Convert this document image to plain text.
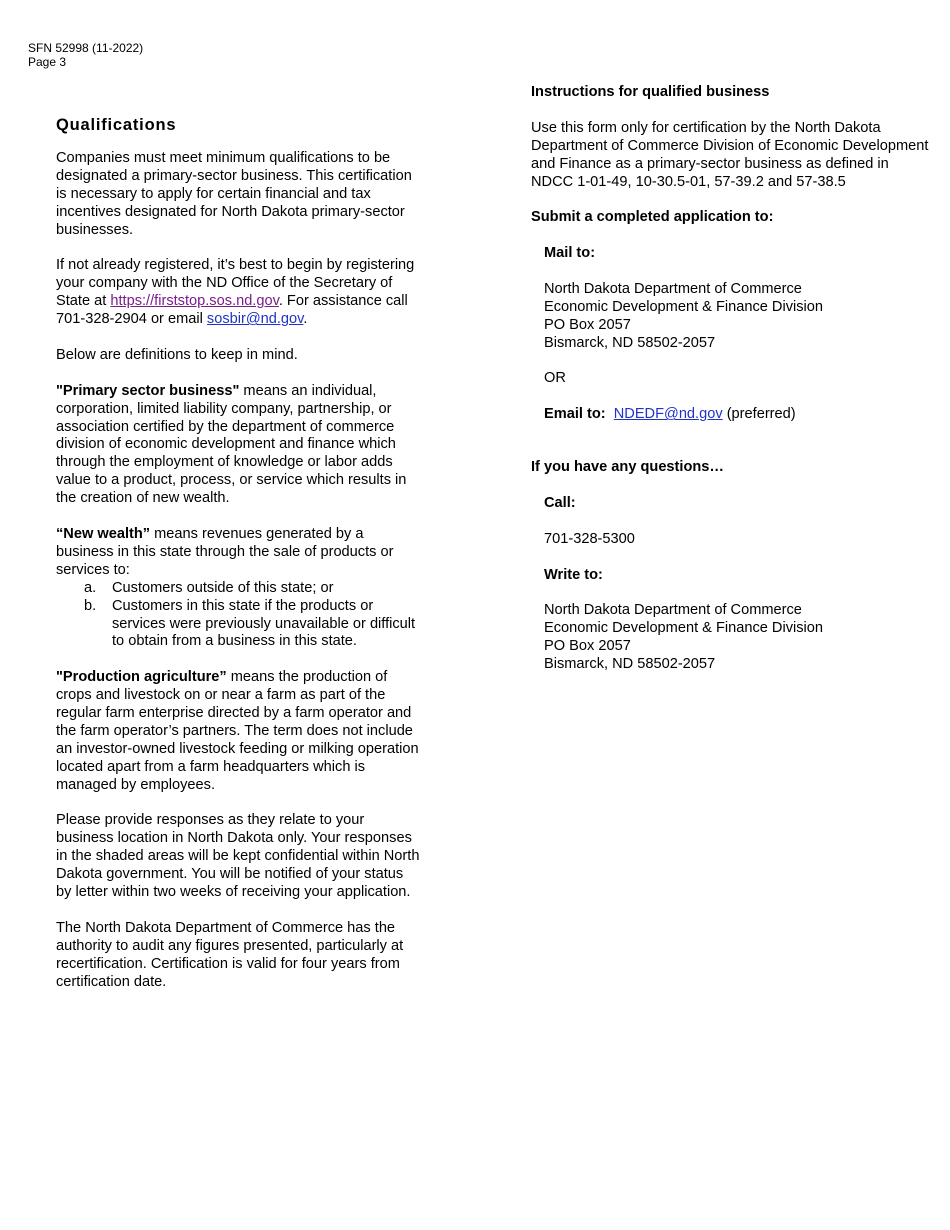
SFN 52998 (11-2022)
Page 3
Qualifications

Companies must meet minimum qualifications to be designated a primary-sector business. This certification is necessary to apply for certain financial and tax incentives designated for North Dakota primary-sector businesses.

If not already registered, it’s best to begin by registering your company with the ND Office of the Secretary of State at https://firststop.sos.nd.gov. For assistance call 701-328-2904 or email sosbir@nd.gov.

Below are definitions to keep in mind.

"Primary sector business" means an individual, corporation, limited liability company, partnership, or association certified by the department of commerce division of economic development and finance which through the employment of knowledge or labor adds value to a product, process, or service which results in the creation of new wealth.

“New wealth” means revenues generated by a business in this state through the sale of products or services to:

a. Customers outside of this state; or
b. Customers in this state if the products or services were previously unavailable or difficult to obtain from a business in this state.

"Production agriculture” means the production of crops and livestock on or near a farm as part of the regular farm enterprise directed by a farm operator and the farm operator’s partners. The term does not include an investor-owned livestock feeding or milking operation located apart from a farm headquarters which is managed by employees.

Please provide responses as they relate to your business location in North Dakota only. Your responses in the shaded areas will be kept confidential within North Dakota government. You will be notified of your status by letter within two weeks of receiving your application.

The North Dakota Department of Commerce has the authority to audit any figures presented, particularly at recertification. Certification is valid for four years from certification date.

Instructions for qualified business

Use this form only for certification by the North Dakota Department of Commerce Division of Economic Development and Finance as a primary-sector business as defined in NDCC 1-01-49, 10-30.5-01, 57-39.2 and 57-38.5

Submit a completed application to:

Mail to:

North Dakota Department of Commerce
Economic Development & Finance Division
PO Box 2057
Bismarck, ND 58502-2057

OR

Email to: NDEDF@nd.gov (preferred)

If you have any questions…

Call:

701-328-5300

Write to:

North Dakota Department of Commerce
Economic Development & Finance Division
PO Box 2057
Bismarck, ND 58502-2057
